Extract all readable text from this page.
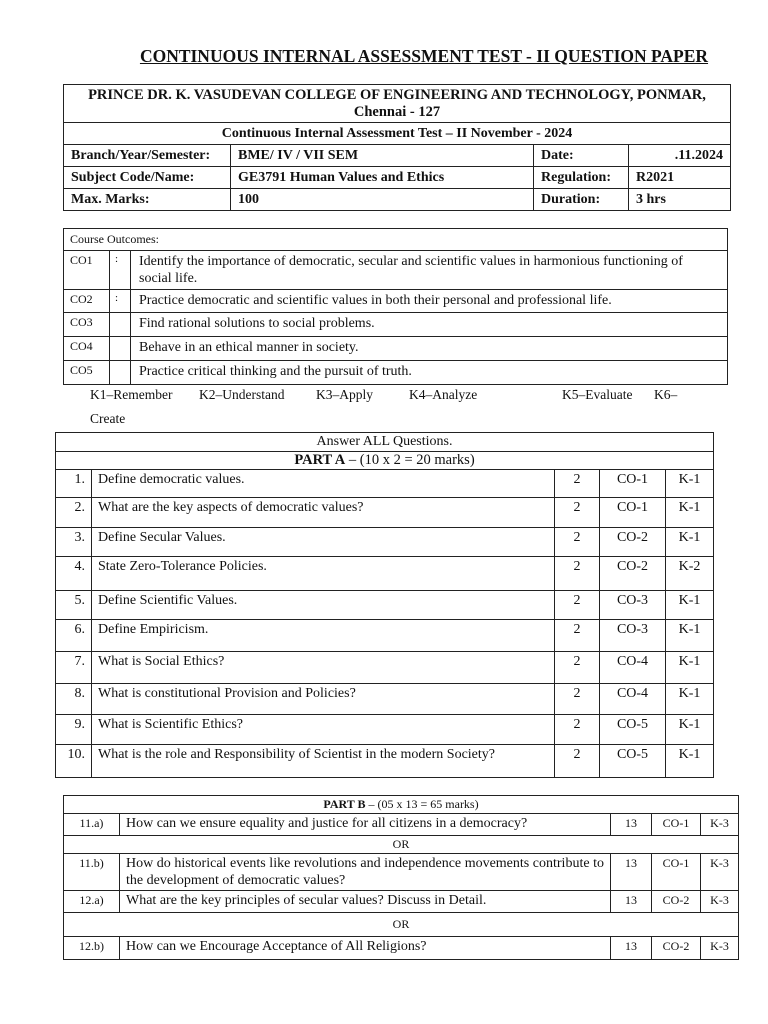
CONTINUOUS INTERNAL ASSESSMENT TEST - II QUESTION PAPER
PRINCE DR. K. VASUDEVAN COLLEGE OF ENGINEERING AND TECHNOLOGY, PONMAR,
Chennai - 127			

Continuous Internal Assessment Test – II November - 2024			
Branch/Year/Semester:	BME/ IV / VII SEM	Date:	.11.2024
Subject Code/Name:	GE3791 Human Values and Ethics	Regulation:	R2021
Max. Marks:	100	Duration:	3 hrs
Course Outcomes:		
CO1	:	Identify the importance of democratic, secular and scientific values in harmonious functioning of social life.
CO2	:	Practice democratic and scientific values in both their personal and professional life.
CO3		Find rational solutions to social problems.
CO4		Behave in an ethical manner in society.
CO5		Practice critical thinking and the pursuit of truth.
K1–Remember K2–Understand K3–Apply	K4–Analyze	K5–Evaluate K6–
Create
Answer ALL Questions.				
PART A – (10 x 2 = 20 marks)				
1.	Define democratic values.	2	CO-1	K-1
2.	What are the key aspects of democratic values?	2	CO-1	K-1
3.	Define Secular Values.	2	CO-2	K-1
4.	State Zero-Tolerance Policies.	2	CO-2	K-2
5.	Define Scientific Values.	2	CO-3	K-1
6.	Define Empiricism.	2	CO-3	K-1
7.	What is Social Ethics?	2	CO-4	K-1
8.	What is constitutional Provision and Policies?	2	CO-4	K-1
9.	What is Scientific Ethics?	2	CO-5	K-1
10.	What is the role and Responsibility of Scientist in the modern Society?	2	CO-5	K-1
PART B – (05 x 13 = 65 marks)				
11.a)	How can we ensure equality and justice for all citizens in a democracy?	13	CO-1	K-3
OR				
11.b)	How do historical events like revolutions and independence movements contribute to the development of democratic values?	13	CO-1	K-3
12.a)	What are the key principles of secular values? Discuss in Detail.	13	CO-2	K-3
OR				
12.b)	How can we Encourage Acceptance of All Religions?	13	CO-2	K-3
